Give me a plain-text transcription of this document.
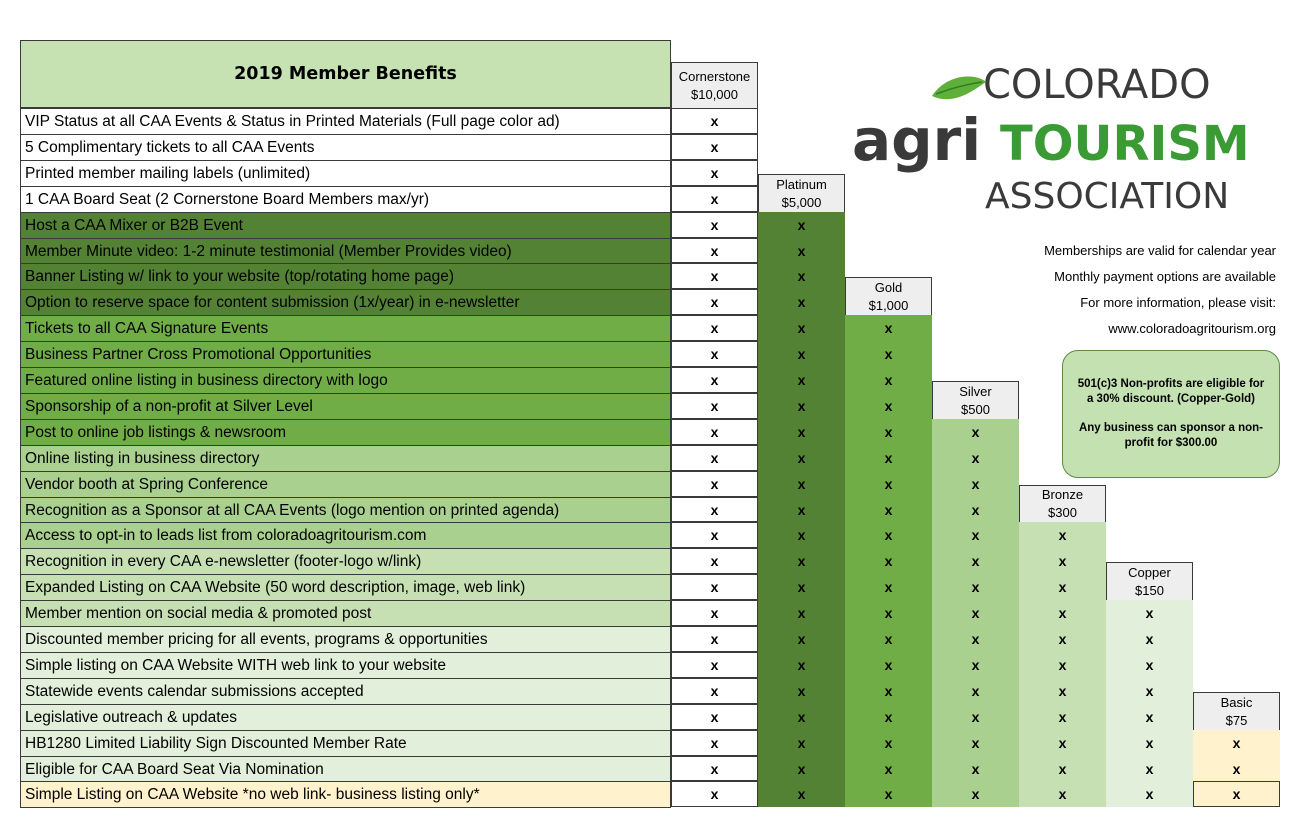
2019 Member Benefits	COLORADO
agri TOURISM
ASSOCIATION
Memberships are valid for calendar year
Monthly payment options are available
For more information, please visit:
www.coloradoagritourism.org

501(c)3 Non-profits are eligible for a 30% discount. (Copper-Gold)

Any business can sponsor a non-profit for $300.00

VIP Status at all CAA Events & Status in Printed Materials (Full page color ad)
5 Complimentary tickets to all CAA Events
Printed member mailing labels (unlimited)
1 CAA Board Seat (2 Cornerstone Board Members max/yr)
Host a CAA Mixer or B2B Event
Member Minute video: 1-2 minute testimonial (Member Provides video)
Banner Listing w/ link to your website (top/rotating home page)
Option to reserve space for content submission (1x/year) in e-newsletter
Tickets to all CAA Signature Events
Business Partner Cross Promotional Opportunities
Featured online listing in business directory with logo
Sponsorship of a non-profit at Silver Level
Post to online job listings & newsroom
Online listing in business directory
Vendor booth at Spring Conference
Recognition as a Sponsor at all CAA Events (logo mention on printed agenda)
Access to opt-in to leads list from coloradoagritourism.com
Recognition in every CAA e-newsletter (footer-logo w/link)
Expanded Listing on CAA Website (50 word description, image, web link)
Member mention on social media & promoted post
Discounted member pricing for all events, programs & opportunities
Simple listing on CAA Website WITH web link to your website
Statewide events calendar submissions accepted
Legislative outreach & updates
HB1280 Limited Liability Sign Discounted Member Rate
Eligible for CAA Board Seat Via Nomination
Simple Listing on CAA Website *no web link- business listing only*
Cornerstone
$10,000
x
x
x
x
x
x
x
x
x
x
x
x
x
x
x
x
x
x
x
x
x
x
x
x
x
x
x
Platinum
$5,000
x
x
x
x
x
x
x
x
x
x
x
x
x
x
x
x
x
x
x
x
x
x
x
Gold
$1,000
x
x
x
x
x
x
x
x
x
x
x
x
x
x
x
x
x
x
x
Silver
$500
x
x
x
x
x
x
x
x
x
x
x
x
x
x
x
Bronze
$300
x
x
x
x
x
x
x
x
x
x
x
Copper
$150
x
x
x
x
x
x
x
x
Basic
$75
x
x
x
